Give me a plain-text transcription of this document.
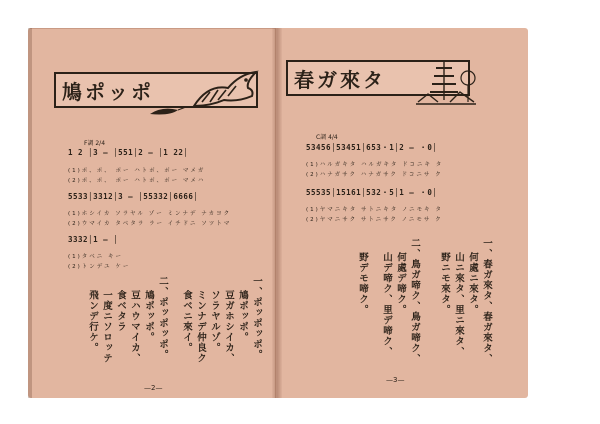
鳩ポッポ
F調 2/4
1 2 │3 — │551│2 — │1 22│
(1)ポ、ポ、 ポー ハトポ、ポー マメガ
(2)ポ、ポ、 ポー ハトポ、ポー マメハ
5533│3312│3 — │55332│6666│
(1)ホシイカ ソラヤル ゾー ミンナデ ナカヨク
(2)ウマイカ タベタラ ラー イチドニ ソツトマ
3332│1 — │
(1)タベニ キー
(2)トンデユ ケー
一、ポッポッポ。
鳩ポッポ。
豆ガホシイカ、
ソラヤルゾ。
ミンナデ仲良ク
食ベニ來イ。
二、ポッポッポ。
鳩ポッポ。
豆ハウマイカ、
食ベタラ
一度ニソロッテ
飛ンデ行ケ。
—2—
春ガ來タ
C調 4/4
53456│53451│653・1│2 — ・0│
(1)ハルガキタ ハルガキタ ドコニキ タ
(2)ハナガサク ハナガサク ドコニサ ク
55535│15161│532・5│1 — ・0│
(1)ヤマニキタ サトニキタ ノニモキ タ
(2)ヤマニサク サトニサク ノニモサ ク
一、春ガ來タ、春ガ來タ、
何處ニ來タ。
山ニ來タ、里ニ來タ、
野ニモ來タ。
二、鳥ガ啼ク、鳥ガ啼ク、
何處デ啼ク。
山デ啼ク、里デ啼ク、
野デモ啼ク。
—3—
